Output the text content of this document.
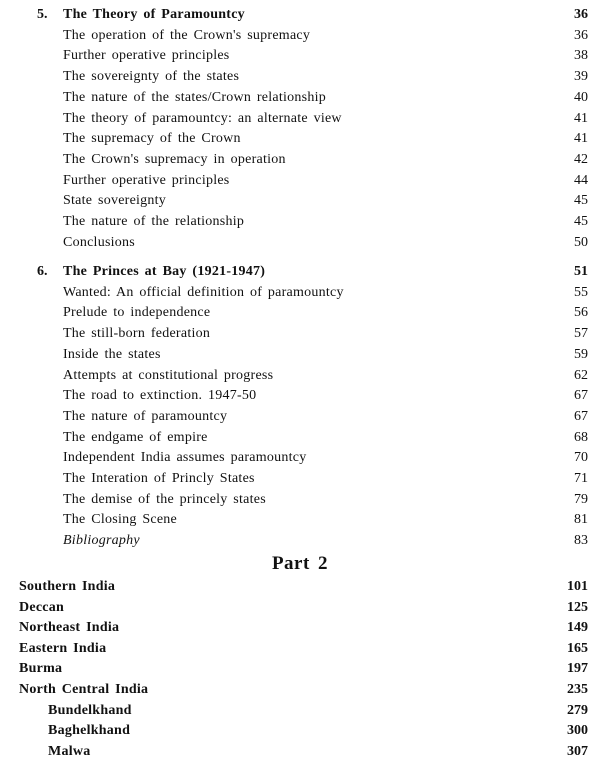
5. The Theory of Paramountcy	36
The operation of the Crown's supremacy	36
Further operative principles	38
The sovereignty of the states	39
The nature of the states/Crown relationship	40
The theory of paramountcy: an alternate view	41
The supremacy of the Crown	41
The Crown's supremacy in operation	42
Further operative principles	44
State sovereignty	45
The nature of the relationship	45
Conclusions	50
6. The Princes at Bay (1921-1947)	51
Wanted: An official definition of paramountcy	55
Prelude to independence	56
The still-born federation	57
Inside the states	59
Attempts at constitutional progress	62
The road to extinction. 1947-50	67
The nature of paramountcy	67
The endgame of empire	68
Independent India assumes paramountcy	70
The Interation of Princly States	71
The demise of the princely states	79
The Closing Scene	81
Bibliography	83
Southern India	101
Deccan	125
Northeast India	149
Eastern India	165
Burma	197
North Central India	235
Bundelkhand	279
Baghelkhand	300
Malwa	307
Part 2
